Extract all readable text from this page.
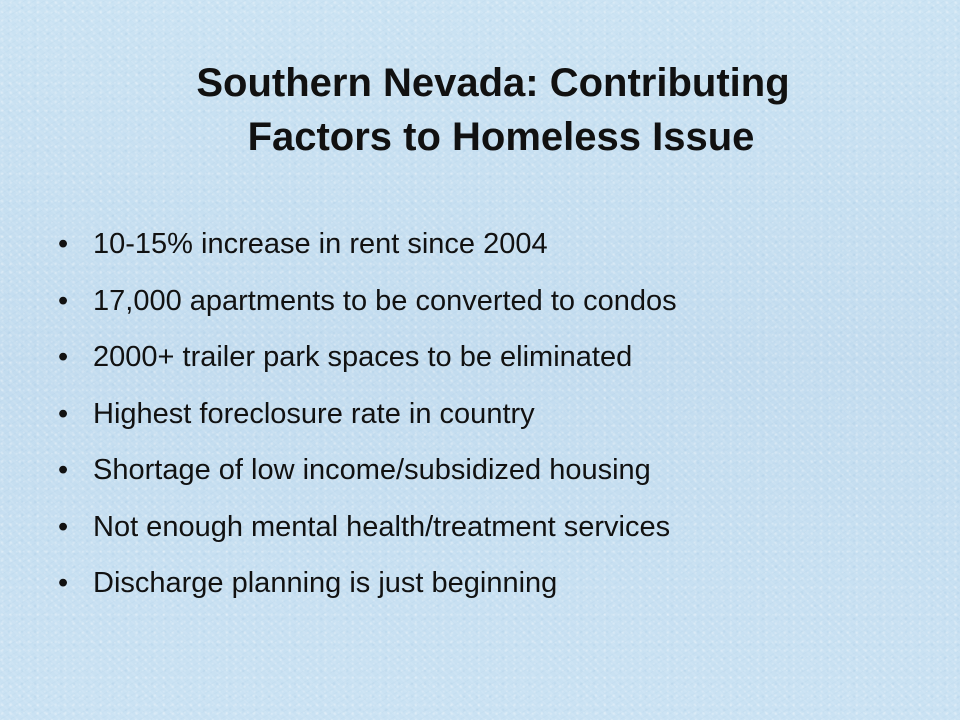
Southern Nevada: Contributing
Factors to Homeless Issue
• 10-15% increase in rent since 2004
• 17,000 apartments to be converted to condos
• 2000+ trailer park spaces to be eliminated
• Highest foreclosure rate in country
• Shortage of low income/subsidized housing
• Not enough mental health/treatment services
• Discharge planning is just beginning
